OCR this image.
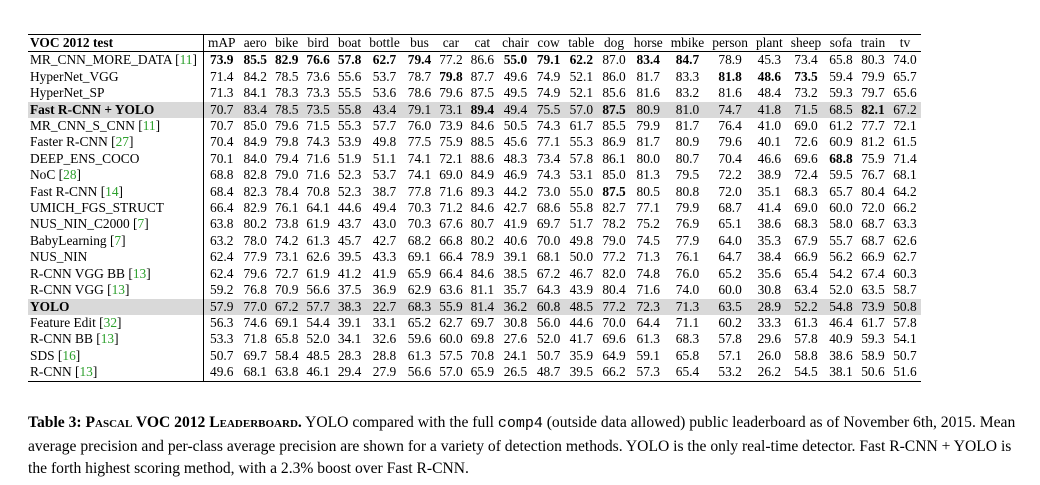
VOC 2012 test	mAP	aero	bike	bird	boat	bottle	bus	car	cat	chair	cow	table	dog	horse	mbike	person	plant	sheep	sofa	train	tv
MR_CNN_MORE_DATA [11]	73.9	85.5	82.9	76.6	57.8	62.7	79.4	77.2	86.6	55.0	79.1	62.2	87.0	83.4	84.7	78.9	45.3	73.4	65.8	80.3	74.0
HyperNet_VGG	71.4	84.2	78.5	73.6	55.6	53.7	78.7	79.8	87.7	49.6	74.9	52.1	86.0	81.7	83.3	81.8	48.6	73.5	59.4	79.9	65.7
HyperNet_SP	71.3	84.1	78.3	73.3	55.5	53.6	78.6	79.6	87.5	49.5	74.9	52.1	85.6	81.6	83.2	81.6	48.4	73.2	59.3	79.7	65.6
Fast R-CNN + YOLO	70.7	83.4	78.5	73.5	55.8	43.4	79.1	73.1	89.4	49.4	75.5	57.0	87.5	80.9	81.0	74.7	41.8	71.5	68.5	82.1	67.2
MR_CNN_S_CNN [11]	70.7	85.0	79.6	71.5	55.3	57.7	76.0	73.9	84.6	50.5	74.3	61.7	85.5	79.9	81.7	76.4	41.0	69.0	61.2	77.7	72.1
Faster R-CNN [27]	70.4	84.9	79.8	74.3	53.9	49.8	77.5	75.9	88.5	45.6	77.1	55.3	86.9	81.7	80.9	79.6	40.1	72.6	60.9	81.2	61.5
DEEP_ENS_COCO	70.1	84.0	79.4	71.6	51.9	51.1	74.1	72.1	88.6	48.3	73.4	57.8	86.1	80.0	80.7	70.4	46.6	69.6	68.8	75.9	71.4
NoC [28]	68.8	82.8	79.0	71.6	52.3	53.7	74.1	69.0	84.9	46.9	74.3	53.1	85.0	81.3	79.5	72.2	38.9	72.4	59.5	76.7	68.1
Fast R-CNN [14]	68.4	82.3	78.4	70.8	52.3	38.7	77.8	71.6	89.3	44.2	73.0	55.0	87.5	80.5	80.8	72.0	35.1	68.3	65.7	80.4	64.2
UMICH_FGS_STRUCT	66.4	82.9	76.1	64.1	44.6	49.4	70.3	71.2	84.6	42.7	68.6	55.8	82.7	77.1	79.9	68.7	41.4	69.0	60.0	72.0	66.2
NUS_NIN_C2000 [7]	63.8	80.2	73.8	61.9	43.7	43.0	70.3	67.6	80.7	41.9	69.7	51.7	78.2	75.2	76.9	65.1	38.6	68.3	58.0	68.7	63.3
BabyLearning [7]	63.2	78.0	74.2	61.3	45.7	42.7	68.2	66.8	80.2	40.6	70.0	49.8	79.0	74.5	77.9	64.0	35.3	67.9	55.7	68.7	62.6
NUS_NIN	62.4	77.9	73.1	62.6	39.5	43.3	69.1	66.4	78.9	39.1	68.1	50.0	77.2	71.3	76.1	64.7	38.4	66.9	56.2	66.9	62.7
R-CNN VGG BB [13]	62.4	79.6	72.7	61.9	41.2	41.9	65.9	66.4	84.6	38.5	67.2	46.7	82.0	74.8	76.0	65.2	35.6	65.4	54.2	67.4	60.3
R-CNN VGG [13]	59.2	76.8	70.9	56.6	37.5	36.9	62.9	63.6	81.1	35.7	64.3	43.9	80.4	71.6	74.0	60.0	30.8	63.4	52.0	63.5	58.7
YOLO	57.9	77.0	67.2	57.7	38.3	22.7	68.3	55.9	81.4	36.2	60.8	48.5	77.2	72.3	71.3	63.5	28.9	52.2	54.8	73.9	50.8
Feature Edit [32]	56.3	74.6	69.1	54.4	39.1	33.1	65.2	62.7	69.7	30.8	56.0	44.6	70.0	64.4	71.1	60.2	33.3	61.3	46.4	61.7	57.8
R-CNN BB [13]	53.3	71.8	65.8	52.0	34.1	32.6	59.6	60.0	69.8	27.6	52.0	41.7	69.6	61.3	68.3	57.8	29.6	57.8	40.9	59.3	54.1
SDS [16]	50.7	69.7	58.4	48.5	28.3	28.8	61.3	57.5	70.8	24.1	50.7	35.9	64.9	59.1	65.8	57.1	26.0	58.8	38.6	58.9	50.7
R-CNN [13]	49.6	68.1	63.8	46.1	29.4	27.9	56.6	57.0	65.9	26.5	48.7	39.5	66.2	57.3	65.4	53.2	26.2	54.5	38.1	50.6	51.6
Table 3: Pascal VOC 2012 Leaderboard. YOLO compared with the full comp4 (outside data allowed) public leaderboard as of November 6th, 2015. Mean average precision and per-class average precision are shown for a variety of detection methods. YOLO is the only real-time detector. Fast R-CNN + YOLO is the forth highest scoring method, with a 2.3% boost over Fast R-CNN.
